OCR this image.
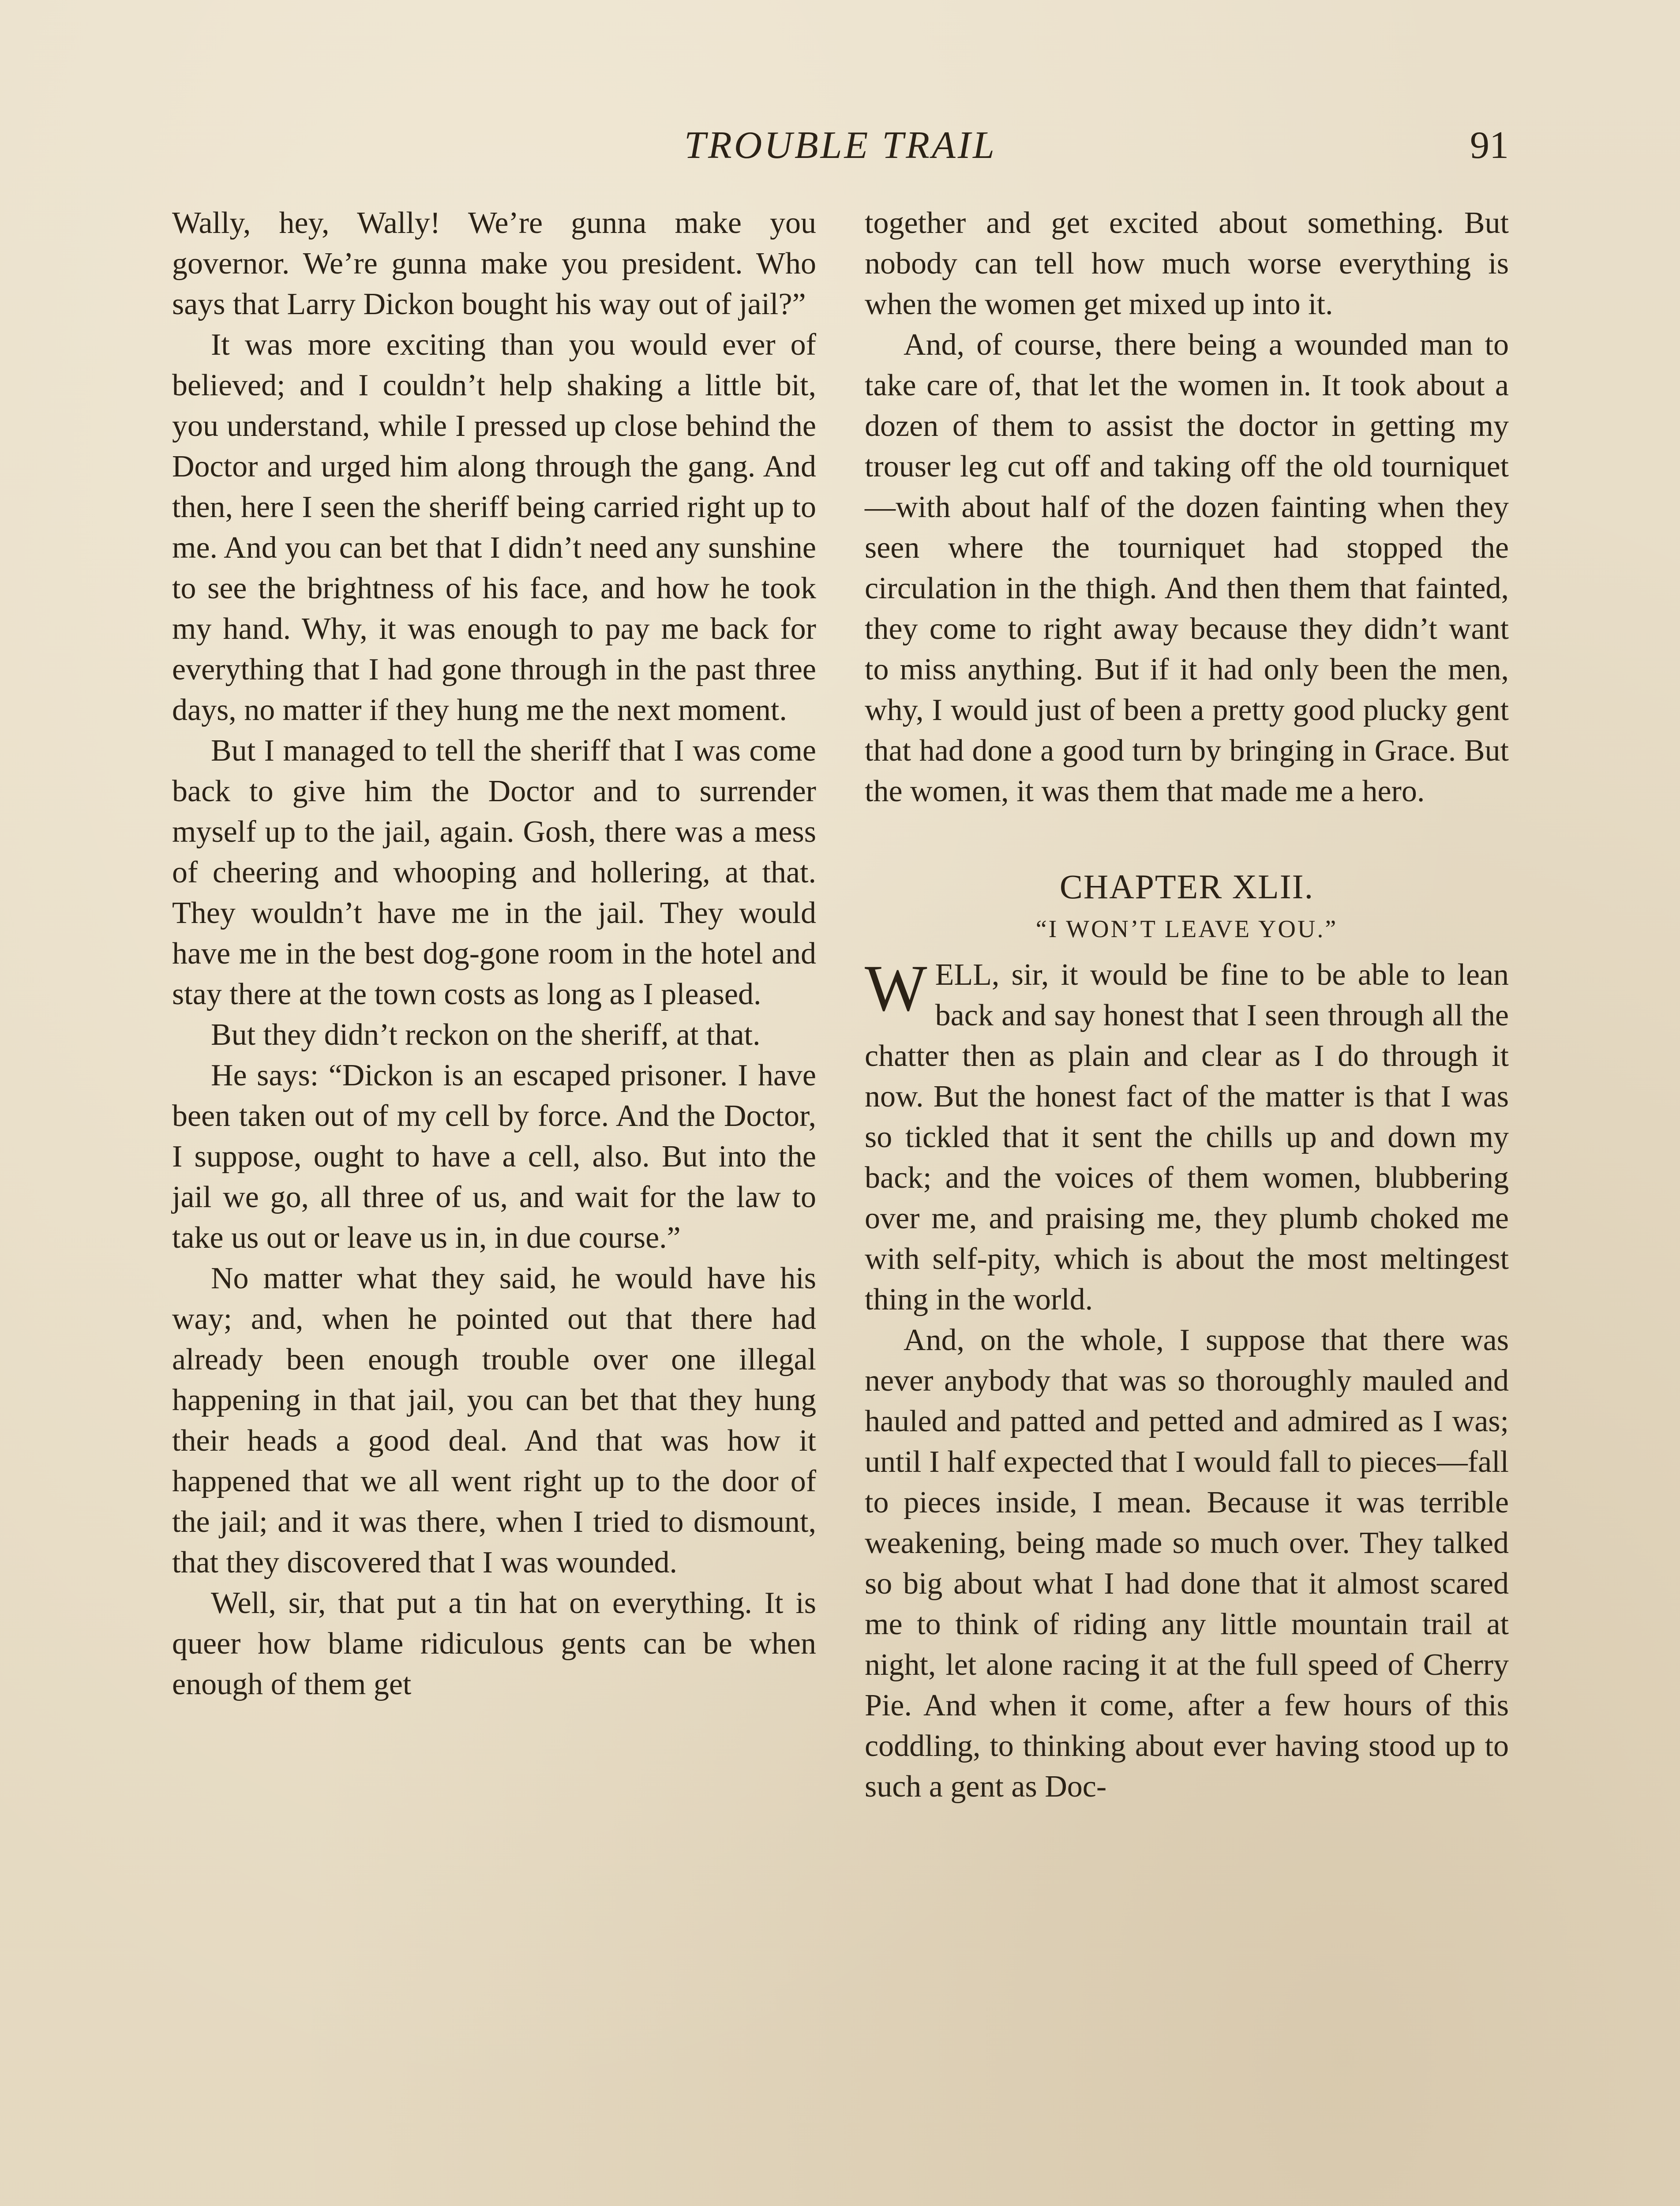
TROUBLE TRAIL	91

Wally, hey, Wally! We’re gunna make you governor. We’re gunna make you president. Who says that Larry Dickon bought his way out of jail?”

It was more exciting than you would ever of believed; and I couldn’t help shaking a little bit, you understand, while I pressed up close behind the Doctor and urged him along through the gang. And then, here I seen the sheriff being carried right up to me. And you can bet that I didn’t need any sunshine to see the brightness of his face, and how he took my hand. Why, it was enough to pay me back for everything that I had gone through in the past three days, no matter if they hung me the next moment.

But I managed to tell the sheriff that I was come back to give him the Doctor and to surrender myself up to the jail, again. Gosh, there was a mess of cheering and whooping and hollering, at that. They wouldn’t have me in the jail. They would have me in the best dog-gone room in the hotel and stay there at the town costs as long as I pleased.

But they didn’t reckon on the sheriff, at that.

He says: “Dickon is an escaped prisoner. I have been taken out of my cell by force. And the Doctor, I suppose, ought to have a cell, also. But into the jail we go, all three of us, and wait for the law to take us out or leave us in, in due course.”

No matter what they said, he would have his way; and, when he pointed out that there had already been enough trouble over one illegal happening in that jail, you can bet that they hung their heads a good deal. And that was how it happened that we all went right up to the door of the jail; and it was there, when I tried to dismount, that they discovered that I was wounded.

Well, sir, that put a tin hat on everything. It is queer how blame ridiculous gents can be when enough of them get

together and get excited about something. But nobody can tell how much worse everything is when the women get mixed up into it.

And, of course, there being a wounded man to take care of, that let the women in. It took about a dozen of them to assist the doctor in getting my trouser leg cut off and taking off the old tourniquet—with about half of the dozen fainting when they seen where the tourniquet had stopped the circulation in the thigh. And then them that fainted, they come to right away because they didn’t want to miss anything. But if it had only been the men, why, I would just of been a pretty good plucky gent that had done a good turn by bringing in Grace. But the women, it was them that made me a hero.

CHAPTER XLII.
“I WON’T LEAVE YOU.”

WELL, sir, it would be fine to be able to lean back and say honest that I seen through all the chatter then as plain and clear as I do through it now. But the honest fact of the matter is that I was so tickled that it sent the chills up and down my back; and the voices of them women, blubbering over me, and praising me, they plumb choked me with self-pity, which is about the most meltingest thing in the world.

And, on the whole, I suppose that there was never anybody that was so thoroughly mauled and hauled and patted and petted and admired as I was; until I half expected that I would fall to pieces—fall to pieces inside, I mean. Because it was terrible weakening, being made so much over. They talked so big about what I had done that it almost scared me to think of riding any little mountain trail at night, let alone racing it at the full speed of Cherry Pie. And when it come, after a few hours of this coddling, to thinking about ever having stood up to such a gent as Doc-
